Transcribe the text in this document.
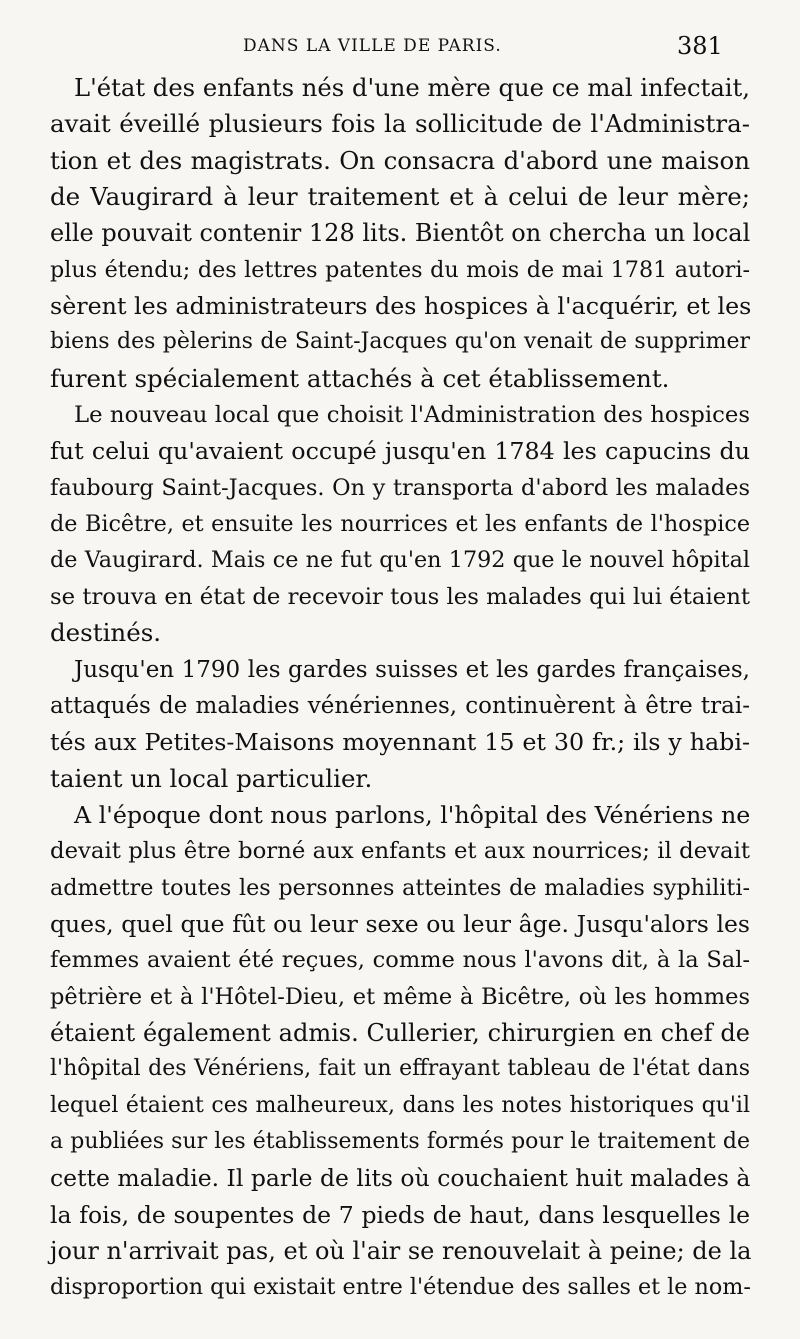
DANS LA VILLE DE PARIS.	381
L'état des enfants nés d'une mère que ce mal infectait,
avait éveillé plusieurs fois la sollicitude de l'Administra-
tion et des magistrats. On consacra d'abord une maison
de Vaugirard à leur traitement et à celui de leur mère;
elle pouvait contenir 128 lits. Bientôt on chercha un local
plus étendu; des lettres patentes du mois de mai 1781 autori-
sèrent les administrateurs des hospices à l'acquérir, et les
biens des pèlerins de Saint-Jacques qu'on venait de supprimer
furent spécialement attachés à cet établissement.
Le nouveau local que choisit l'Administration des hospices
fut celui qu'avaient occupé jusqu'en 1784 les capucins du
faubourg Saint-Jacques. On y transporta d'abord les malades
de Bicêtre, et ensuite les nourrices et les enfants de l'hospice
de Vaugirard. Mais ce ne fut qu'en 1792 que le nouvel hôpital
se trouva en état de recevoir tous les malades qui lui étaient
destinés.
Jusqu'en 1790 les gardes suisses et les gardes françaises,
attaqués de maladies vénériennes, continuèrent à être trai-
tés aux Petites-Maisons moyennant 15 et 30 fr.; ils y habi-
taient un local particulier.
A l'époque dont nous parlons, l'hôpital des Vénériens ne
devait plus être borné aux enfants et aux nourrices; il devait
admettre toutes les personnes atteintes de maladies syphiliti-
ques, quel que fût ou leur sexe ou leur âge. Jusqu'alors les
femmes avaient été reçues, comme nous l'avons dit, à la Sal-
pêtrière et à l'Hôtel-Dieu, et même à Bicêtre, où les hommes
étaient également admis. Cullerier, chirurgien en chef de
l'hôpital des Vénériens, fait un effrayant tableau de l'état dans
lequel étaient ces malheureux, dans les notes historiques qu'il
a publiées sur les établissements formés pour le traitement de
cette maladie. Il parle de lits où couchaient huit malades à
la fois, de soupentes de 7 pieds de haut, dans lesquelles le
jour n'arrivait pas, et où l'air se renouvelait à peine; de la
disproportion qui existait entre l'étendue des salles et le nom-
